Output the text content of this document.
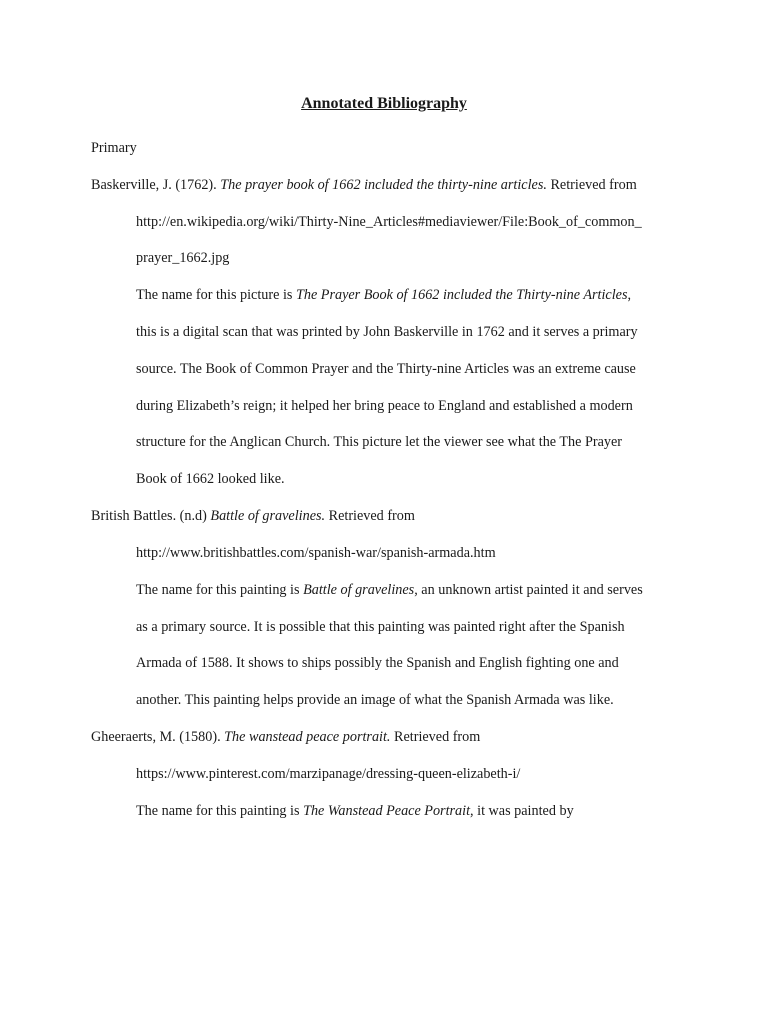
Annotated Bibliography
Primary
Baskerville, J. (1762). The prayer book of 1662 included the thirty-nine articles. Retrieved from
http://en.wikipedia.org/wiki/Thirty-Nine_Articles#mediaviewer/File:Book_of_common_
prayer_1662.jpg
The name for this picture is The Prayer Book of 1662 included the Thirty-nine Articles,
this is a digital scan that was printed by John Baskerville in 1762 and it serves a primary
source. The Book of Common Prayer and the Thirty-nine Articles was an extreme cause
during Elizabeth’s reign; it helped her bring peace to England and established a modern
structure for the Anglican Church. This picture let the viewer see what the The Prayer
Book of 1662 looked like.
British Battles. (n.d) Battle of gravelines. Retrieved from
http://www.britishbattles.com/spanish-war/spanish-armada.htm
The name for this painting is Battle of gravelines, an unknown artist painted it and serves
as a primary source. It is possible that this painting was painted right after the Spanish
Armada of 1588. It shows to ships possibly the Spanish and English fighting one and
another. This painting helps provide an image of what the Spanish Armada was like.
Gheeraerts, M. (1580). The wanstead peace portrait. Retrieved from
https://www.pinterest.com/marzipanage/dressing-queen-elizabeth-i/
The name for this painting is The Wanstead Peace Portrait, it was painted by
